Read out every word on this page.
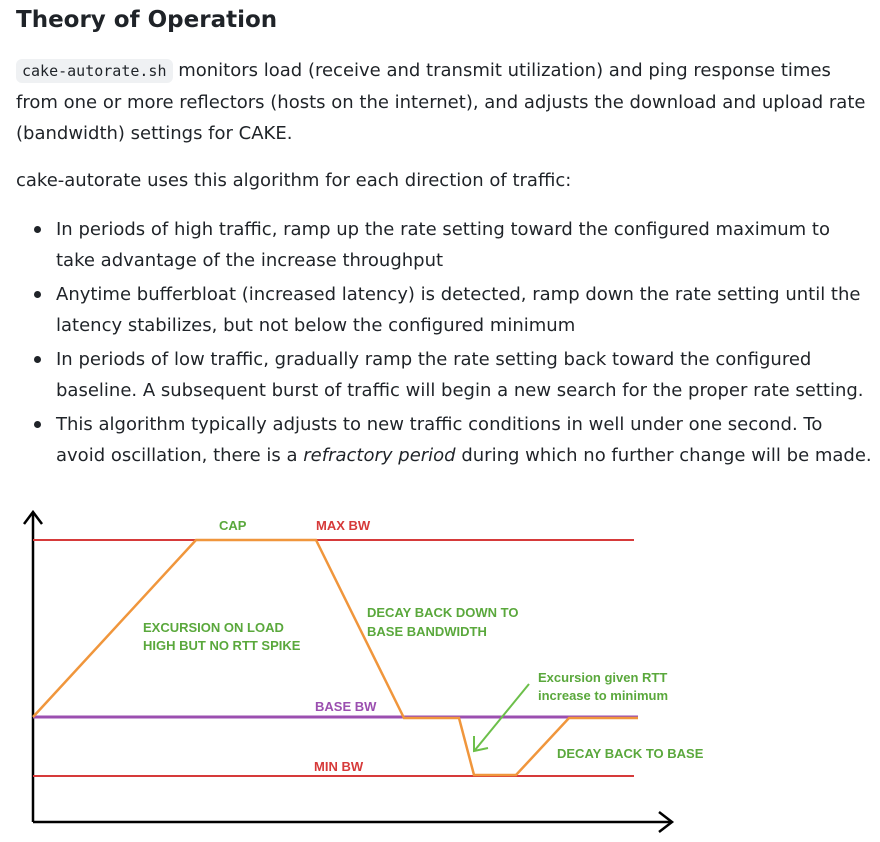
Theory of Operation

cake-autorate.sh monitors load (receive and transmit utilization) and ping response times from one or more reflectors (hosts on the internet), and adjusts the download and upload rate (bandwidth) settings for CAKE.

cake-autorate uses this algorithm for each direction of traffic:

In periods of high traffic, ramp up the rate setting toward the configured maximum to take advantage of the increase throughput
Anytime bufferbloat (increased latency) is detected, ramp down the rate setting until the latency stabilizes, but not below the configured minimum
In periods of low traffic, gradually ramp the rate setting back toward the configured baseline. A subsequent burst of traffic will begin a new search for the proper rate setting.
This algorithm typically adjusts to new traffic conditions in well under one second. To avoid oscillation, there is a refractory period during which no further change will be made.
CAP	MAX BW
EXCURSION ON LOAD
HIGH BUT NO RTT SPIKE
DECAY BACK DOWN TO
BASE BANDWIDTH
BASE BW
Excursion given RTT
increase to minimum
DECAY BACK TO BASE
MIN BW
